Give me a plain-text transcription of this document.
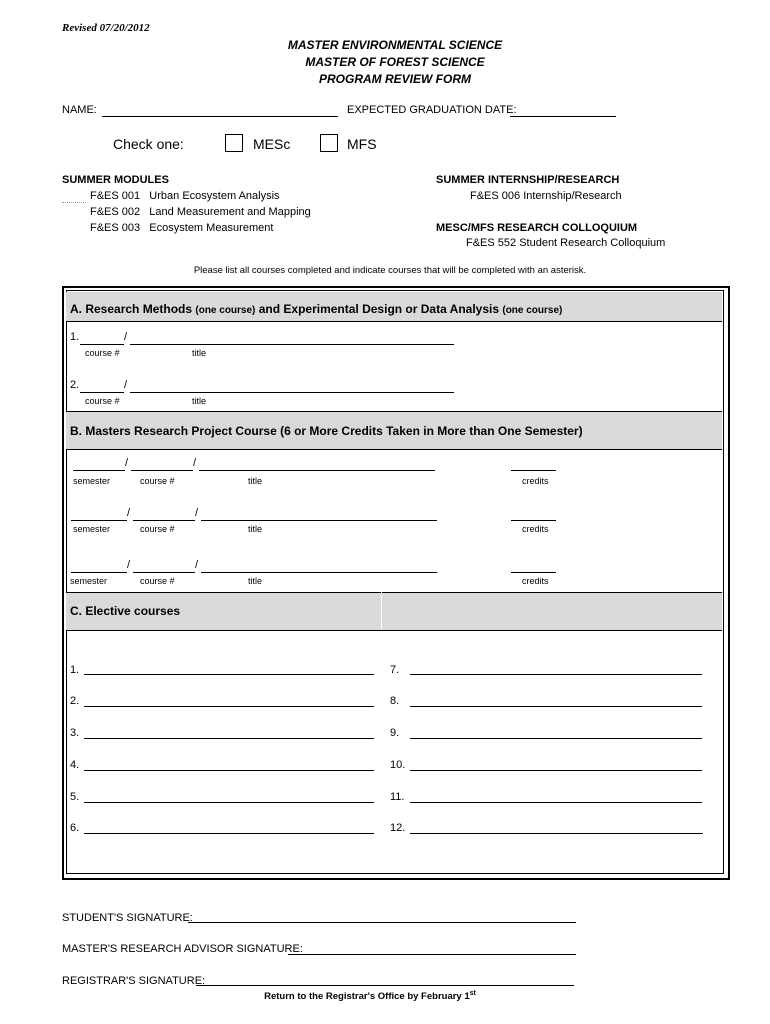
Revised 07/20/2012
MASTER ENVIRONMENTAL SCIENCE
MASTER OF FOREST SCIENCE
PROGRAM REVIEW FORM
NAME:	EXPECTED GRADUATION DATE:
Check one:	MESc	MFS
SUMMER MODULES
F&ES 001   Urban Ecosystem Analysis
F&ES 002   Land Measurement and Mapping
F&ES 003   Ecosystem Measurement
SUMMER INTERNSHIP/RESEARCH
F&ES 006 Internship/Research
MESC/MFS RESEARCH COLLOQUIUM
F&ES 552 Student Research Colloquium
Please list all courses completed and indicate courses that will be completed with an asterisk.
A. Research Methods (one course) and Experimental Design or Data Analysis (one course)
1.	/
course #	title
2.	/
course #	title
B. Masters Research Project Course (6 or More Credits Taken in More than One Semester)
/	/
semester	course #	title	credits
/	/
semester	course #	title	credits
/	/
semester	course #	title	credits
C. Elective courses
1.
2.
3.
4.
5.
6.
7.
8.
9.
10.
11.
12.
STUDENT'S SIGNATURE:
MASTER'S RESEARCH ADVISOR SIGNATURE:
REGISTRAR'S SIGNATURE:
Return to the Registrar's Office by February 1st
